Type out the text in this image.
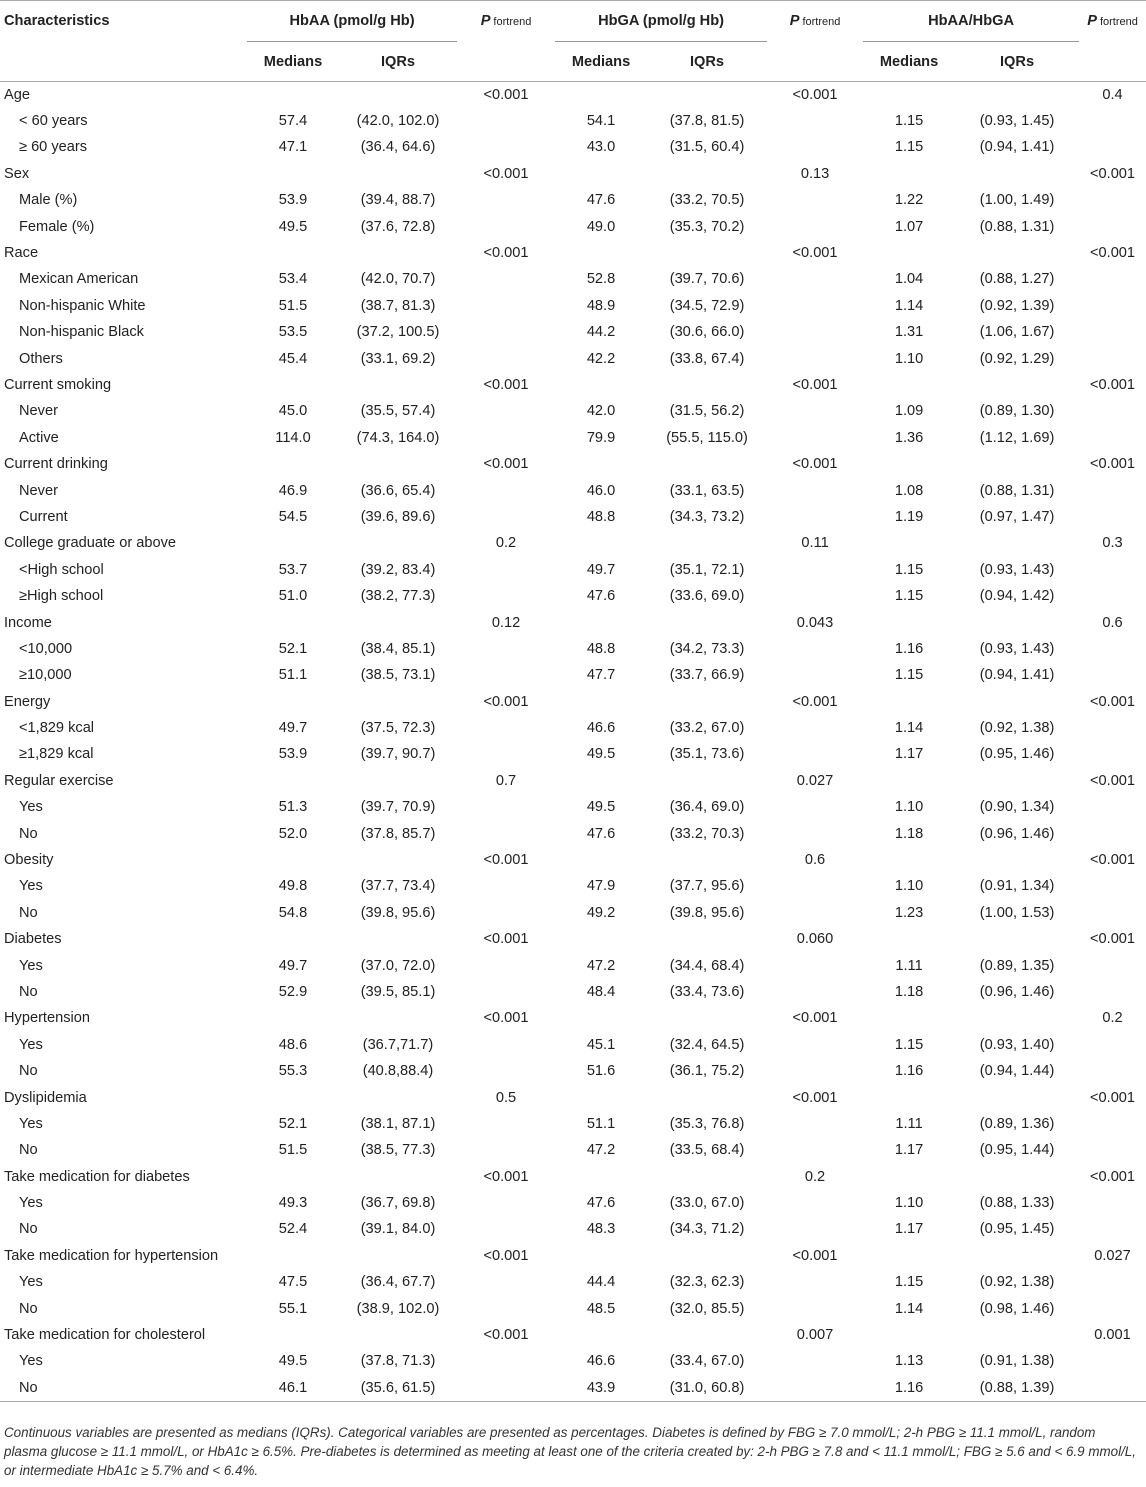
Characteristics	HbAA (pmol/g Hb)		P fortrend	HbGA (pmol/g Hb)		P fortrend	HbAA/HbGA		P fortrend
	Medians	IQRs		Medians	IQRs		Medians	IQRs	
Age			<0.001			<0.001			0.4
< 60 years	57.4	(42.0, 102.0)		54.1	(37.8, 81.5)		1.15	(0.93, 1.45)	
≥ 60 years	47.1	(36.4, 64.6)		43.0	(31.5, 60.4)		1.15	(0.94, 1.41)	
Sex			<0.001			0.13			<0.001
Male (%)	53.9	(39.4, 88.7)		47.6	(33.2, 70.5)		1.22	(1.00, 1.49)	
Female (%)	49.5	(37.6, 72.8)		49.0	(35.3, 70.2)		1.07	(0.88, 1.31)	
Race			<0.001			<0.001			<0.001
Mexican American	53.4	(42.0, 70.7)		52.8	(39.7, 70.6)		1.04	(0.88, 1.27)	
Non-hispanic White	51.5	(38.7, 81.3)		48.9	(34.5, 72.9)		1.14	(0.92, 1.39)	
Non-hispanic Black	53.5	(37.2, 100.5)		44.2	(30.6, 66.0)		1.31	(1.06, 1.67)	
Others	45.4	(33.1, 69.2)		42.2	(33.8, 67.4)		1.10	(0.92, 1.29)	
Current smoking			<0.001			<0.001			<0.001
Never	45.0	(35.5, 57.4)		42.0	(31.5, 56.2)		1.09	(0.89, 1.30)	
Active	114.0	(74.3, 164.0)		79.9	(55.5, 115.0)		1.36	(1.12, 1.69)	
Current drinking			<0.001			<0.001			<0.001
Never	46.9	(36.6, 65.4)		46.0	(33.1, 63.5)		1.08	(0.88, 1.31)	
Current	54.5	(39.6, 89.6)		48.8	(34.3, 73.2)		1.19	(0.97, 1.47)	
College graduate or above			0.2			0.11			0.3
<High school	53.7	(39.2, 83.4)		49.7	(35.1, 72.1)		1.15	(0.93, 1.43)	
≥High school	51.0	(38.2, 77.3)		47.6	(33.6, 69.0)		1.15	(0.94, 1.42)	
Income			0.12			0.043			0.6
<10,000	52.1	(38.4, 85.1)		48.8	(34.2, 73.3)		1.16	(0.93, 1.43)	
≥10,000	51.1	(38.5, 73.1)		47.7	(33.7, 66.9)		1.15	(0.94, 1.41)	
Energy			<0.001			<0.001			<0.001
<1,829 kcal	49.7	(37.5, 72.3)		46.6	(33.2, 67.0)		1.14	(0.92, 1.38)	
≥1,829 kcal	53.9	(39.7, 90.7)		49.5	(35.1, 73.6)		1.17	(0.95, 1.46)	
Regular exercise			0.7			0.027			<0.001
Yes	51.3	(39.7, 70.9)		49.5	(36.4, 69.0)		1.10	(0.90, 1.34)	
No	52.0	(37.8, 85.7)		47.6	(33.2, 70.3)		1.18	(0.96, 1.46)	
Obesity			<0.001			0.6			<0.001
Yes	49.8	(37.7, 73.4)		47.9	(37.7, 95.6)		1.10	(0.91, 1.34)	
No	54.8	(39.8, 95.6)		49.2	(39.8, 95.6)		1.23	(1.00, 1.53)	
Diabetes			<0.001			0.060			<0.001
Yes	49.7	(37.0, 72.0)		47.2	(34.4, 68.4)		1.11	(0.89, 1.35)	
No	52.9	(39.5, 85.1)		48.4	(33.4, 73.6)		1.18	(0.96, 1.46)	
Hypertension			<0.001			<0.001			0.2
Yes	48.6	(36.7,71.7)		45.1	(32.4, 64.5)		1.15	(0.93, 1.40)	
No	55.3	(40.8,88.4)		51.6	(36.1, 75.2)		1.16	(0.94, 1.44)	
Dyslipidemia			0.5			<0.001			<0.001
Yes	52.1	(38.1, 87.1)		51.1	(35.3, 76.8)		1.11	(0.89, 1.36)	
No	51.5	(38.5, 77.3)		47.2	(33.5, 68.4)		1.17	(0.95, 1.44)	
Take medication for diabetes			<0.001			0.2			<0.001
Yes	49.3	(36.7, 69.8)		47.6	(33.0, 67.0)		1.10	(0.88, 1.33)	
No	52.4	(39.1, 84.0)		48.3	(34.3, 71.2)		1.17	(0.95, 1.45)	
Take medication for hypertension			<0.001			<0.001			0.027
Yes	47.5	(36.4, 67.7)		44.4	(32.3, 62.3)		1.15	(0.92, 1.38)	
No	55.1	(38.9, 102.0)		48.5	(32.0, 85.5)		1.14	(0.98, 1.46)	
Take medication for cholesterol			<0.001			0.007			0.001
Yes	49.5	(37.8, 71.3)		46.6	(33.4, 67.0)		1.13	(0.91, 1.38)	
No	46.1	(35.6, 61.5)		43.9	(31.0, 60.8)		1.16	(0.88, 1.39)	
Continuous variables are presented as medians (IQRs). Categorical variables are presented as percentages. Diabetes is defined by FBG ≥ 7.0 mmol/L; 2-h PBG ≥ 11.1 mmol/L, random plasma glucose ≥ 11.1 mmol/L, or HbA1c ≥ 6.5%. Pre-diabetes is determined as meeting at least one of the criteria created by: 2-h PBG ≥ 7.8 and < 11.1 mmol/L; FBG ≥ 5.6 and < 6.9 mmol/L, or intermediate HbA1c ≥ 5.7% and < 6.4%.
